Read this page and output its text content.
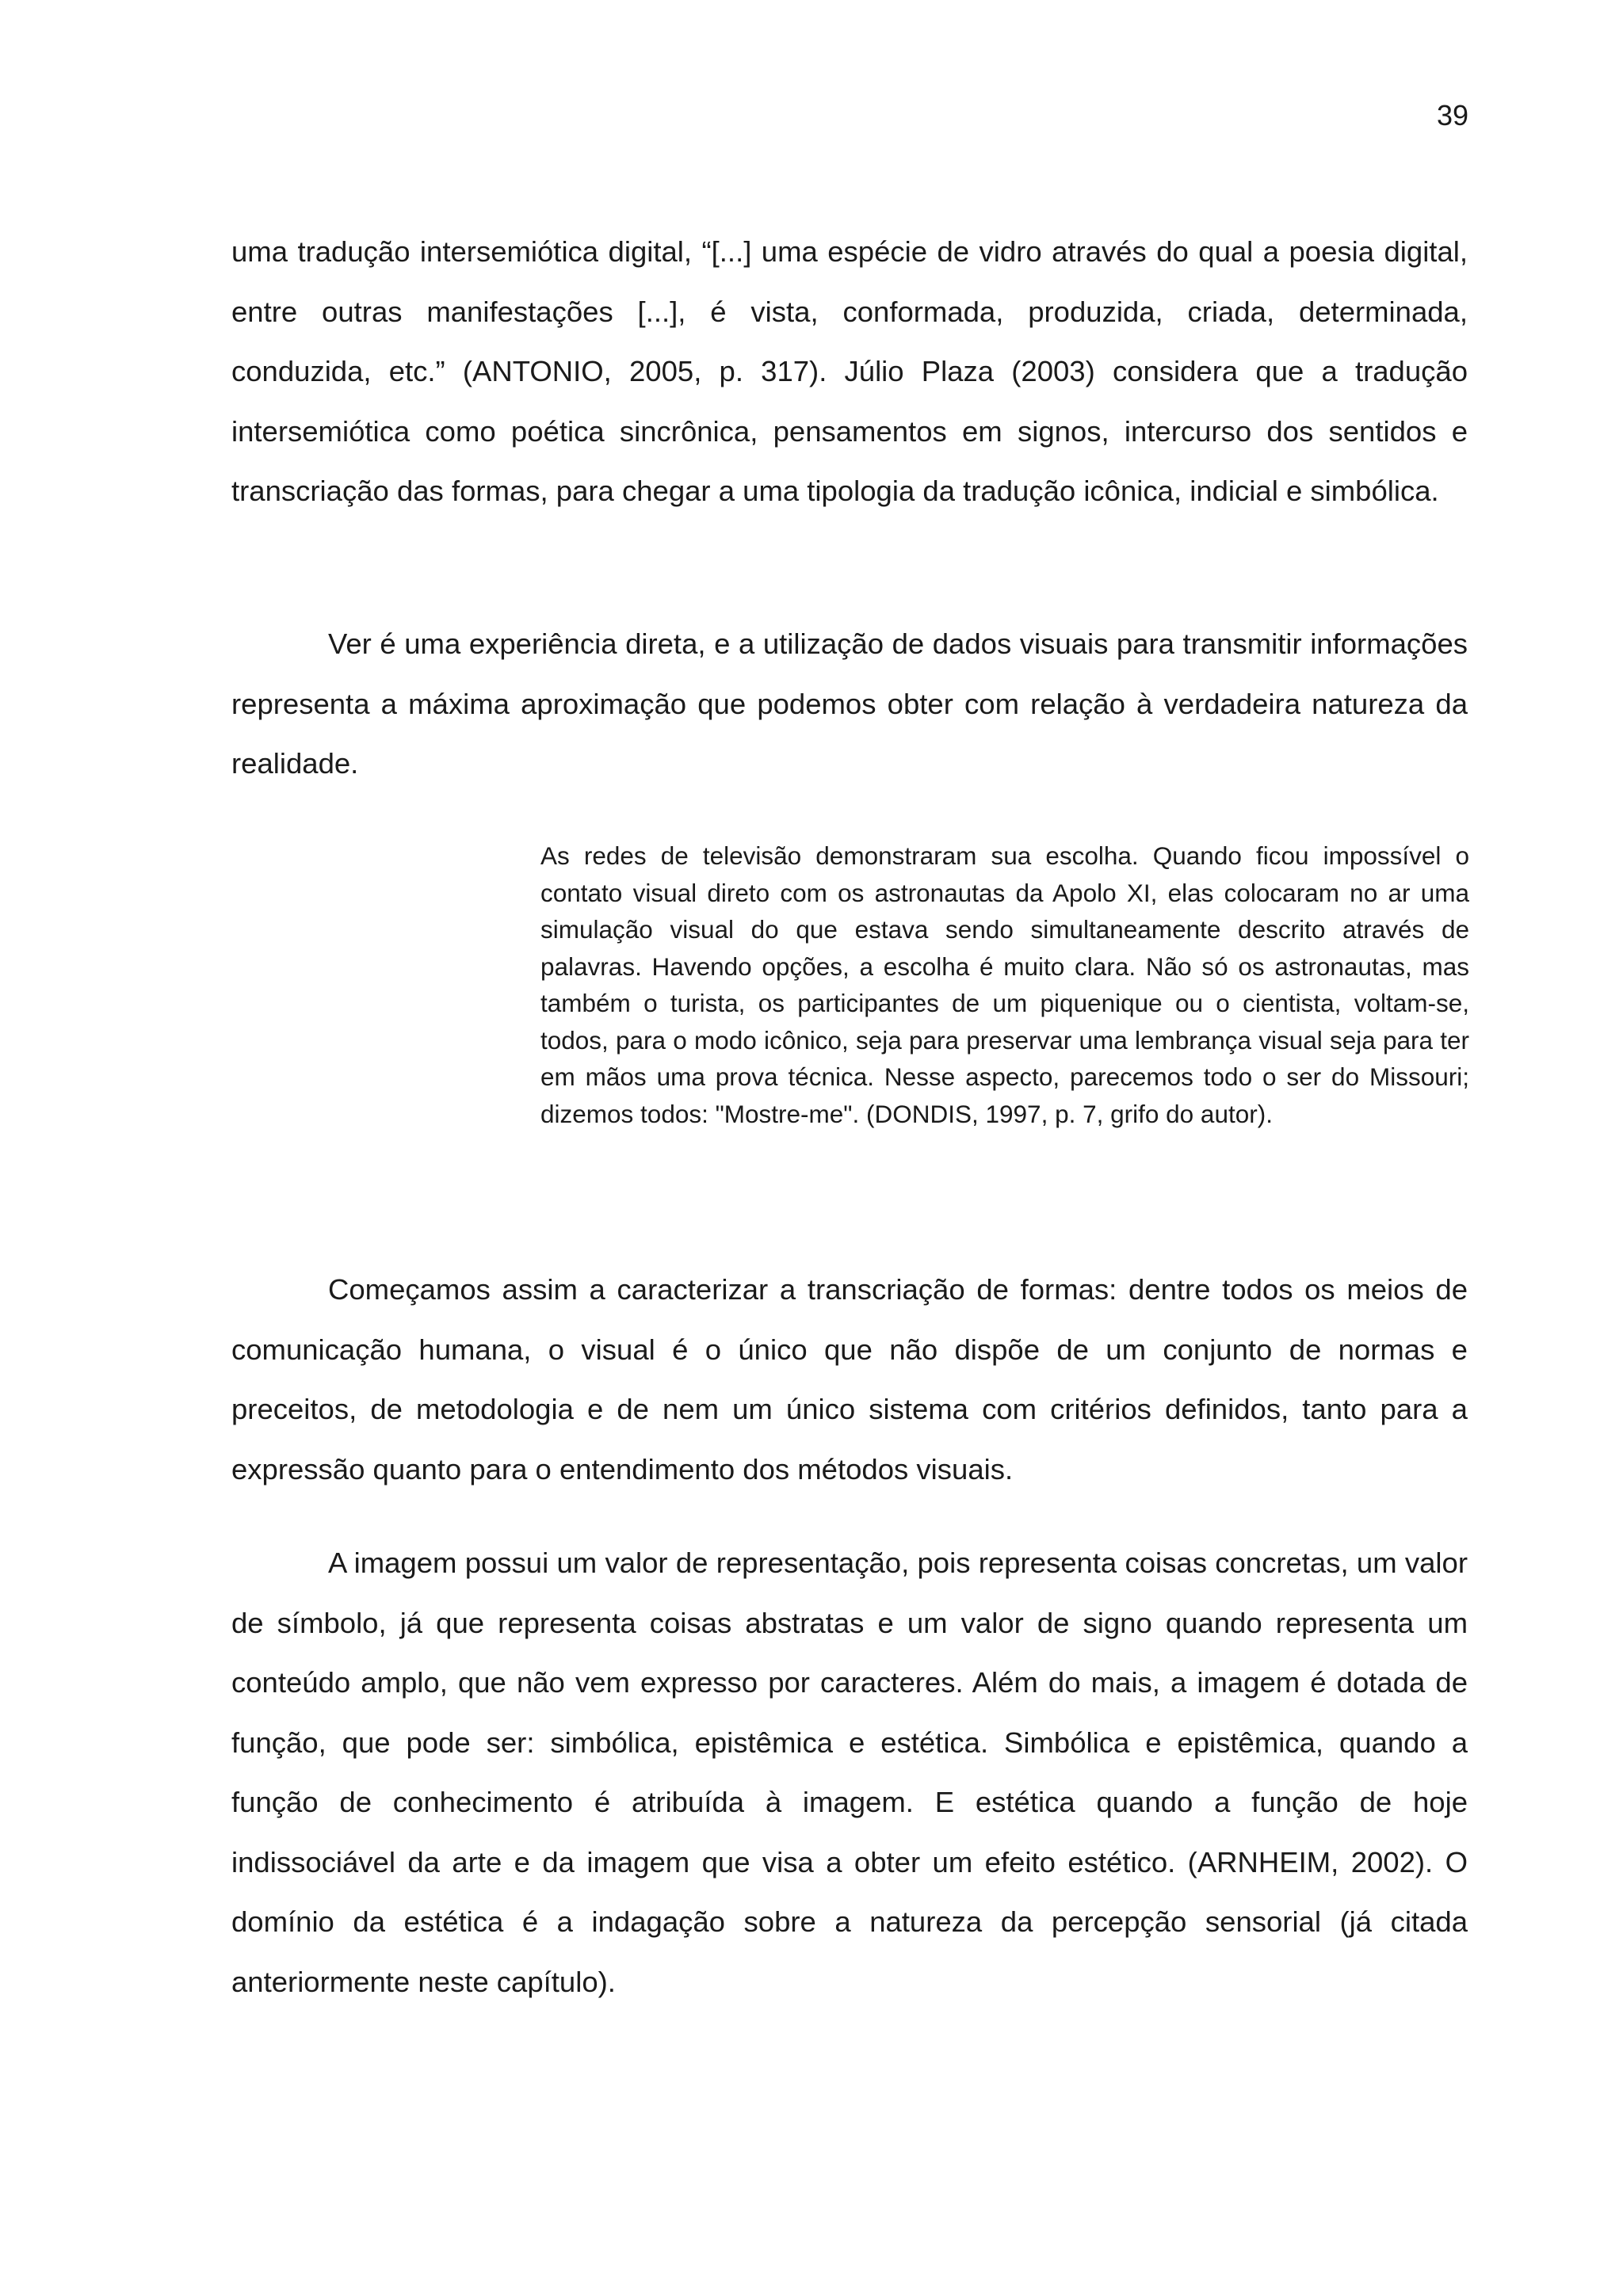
39

uma tradução intersemiótica digital, “[...] uma espécie de vidro através do qual a poesia digital, entre outras manifestações [...], é vista, conformada, produzida, criada, determinada, conduzida, etc.” (ANTONIO, 2005, p. 317). Júlio Plaza (2003) considera que a tradução intersemiótica como poética sincrônica, pensamentos em signos, intercurso dos sentidos e transcriação das formas, para chegar a uma tipologia da tradução icônica, indicial e simbólica.

Ver é uma experiência direta, e a utilização de dados visuais para transmitir informações representa a máxima aproximação que podemos obter com relação à verdadeira natureza da realidade.

As redes de televisão demonstraram sua escolha. Quando ficou impossível o contato visual direto com os astronautas da Apolo XI, elas colocaram no ar uma simulação visual do que estava sendo simultaneamente descrito através de palavras. Havendo opções, a escolha é muito clara. Não só os astronautas, mas também o turista, os participantes de um piquenique ou o cientista, voltam-se, todos, para o modo icônico, seja para preservar uma lembrança visual seja para ter em mãos uma prova técnica. Nesse aspecto, parecemos todo o ser do Missouri; dizemos todos: "Mostre-me". (DONDIS, 1997, p. 7, grifo do autor).

Começamos assim a caracterizar a transcriação de formas: dentre todos os meios de comunicação humana, o visual é o único que não dispõe de um conjunto de normas e preceitos, de metodologia e de nem um único sistema com critérios definidos, tanto para a expressão quanto para o entendimento dos métodos visuais.

A imagem possui um valor de representação, pois representa coisas concretas, um valor de símbolo, já que representa coisas abstratas e um valor de signo quando representa um conteúdo amplo, que não vem expresso por caracteres. Além do mais, a imagem é dotada de função, que pode ser: simbólica, epistêmica e estética. Simbólica e epistêmica, quando a função de conhecimento é atribuída à imagem. E estética quando a função de hoje indissociável da arte e da imagem que visa a obter um efeito estético. (ARNHEIM, 2002). O domínio da estética é a indagação sobre a natureza da percepção sensorial (já citada anteriormente neste capítulo).
